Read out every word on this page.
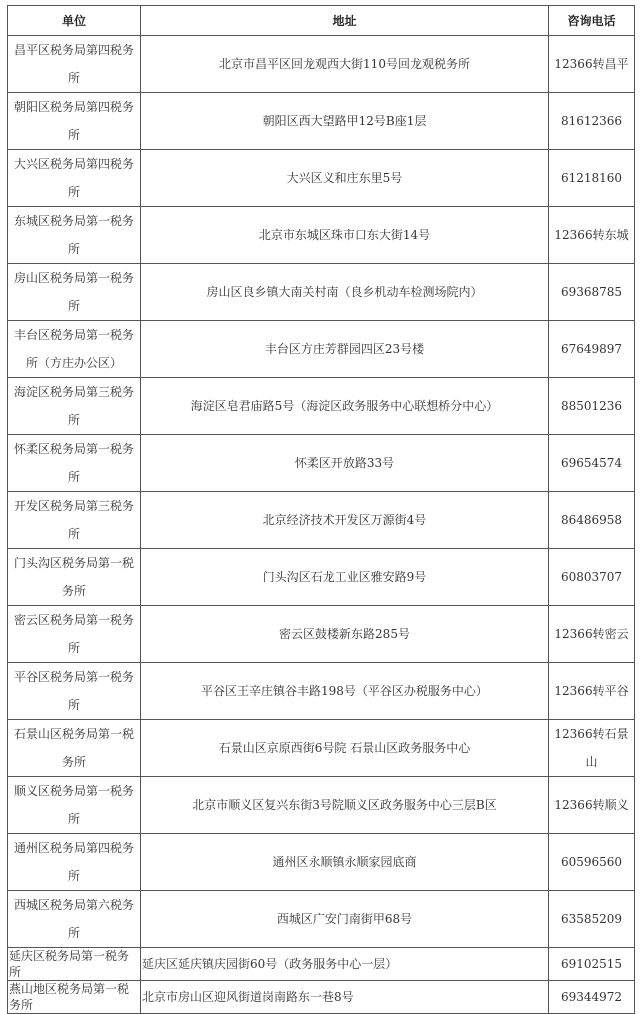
单位	地址	咨询电话
昌平区税务局第四税务所	北京市昌平区回龙观西大街110号回龙观税务所	12366转昌平
朝阳区税务局第四税务所	朝阳区西大望路甲12号B座1层	81612366
大兴区税务局第四税务所	大兴区义和庄东里5号	61218160
东城区税务局第一税务所	北京市东城区珠市口东大街14号	12366转东城
房山区税务局第一税务所	房山区良乡镇大南关村南（良乡机动车检测场院内）	69368785
丰台区税务局第一税务所（方庄办公区）	丰台区方庄芳群园四区23号楼	67649897
海淀区税务局第三税务所	海淀区皂君庙路5号（海淀区政务服务中心联想桥分中心）	88501236
怀柔区税务局第一税务所	怀柔区开放路33号	69654574
开发区税务局第三税务所	北京经济技术开发区万源街4号	86486958
门头沟区税务局第一税务所	门头沟区石龙工业区雅安路9号	60803707
密云区税务局第一税务所	密云区鼓楼新东路285号	12366转密云
平谷区税务局第一税务所	平谷区王辛庄镇谷丰路198号（平谷区办税服务中心）	12366转平谷
石景山区税务局第一税务所	石景山区京原西街6号院 石景山区政务服务中心	12366转石景山
顺义区税务局第一税务所	北京市顺义区复兴东街3号院顺义区政务服务中心三层B区	12366转顺义
通州区税务局第四税务所	通州区永顺镇永顺家园底商	60596560
西城区税务局第六税务所	西城区广安门南街甲68号	63585209
延庆区税务局第一税务所	延庆区延庆镇庆园街60号（政务服务中心一层）	69102515
燕山地区税务局第一税务所	北京市房山区迎风街道岗南路东一巷8号	69344972
